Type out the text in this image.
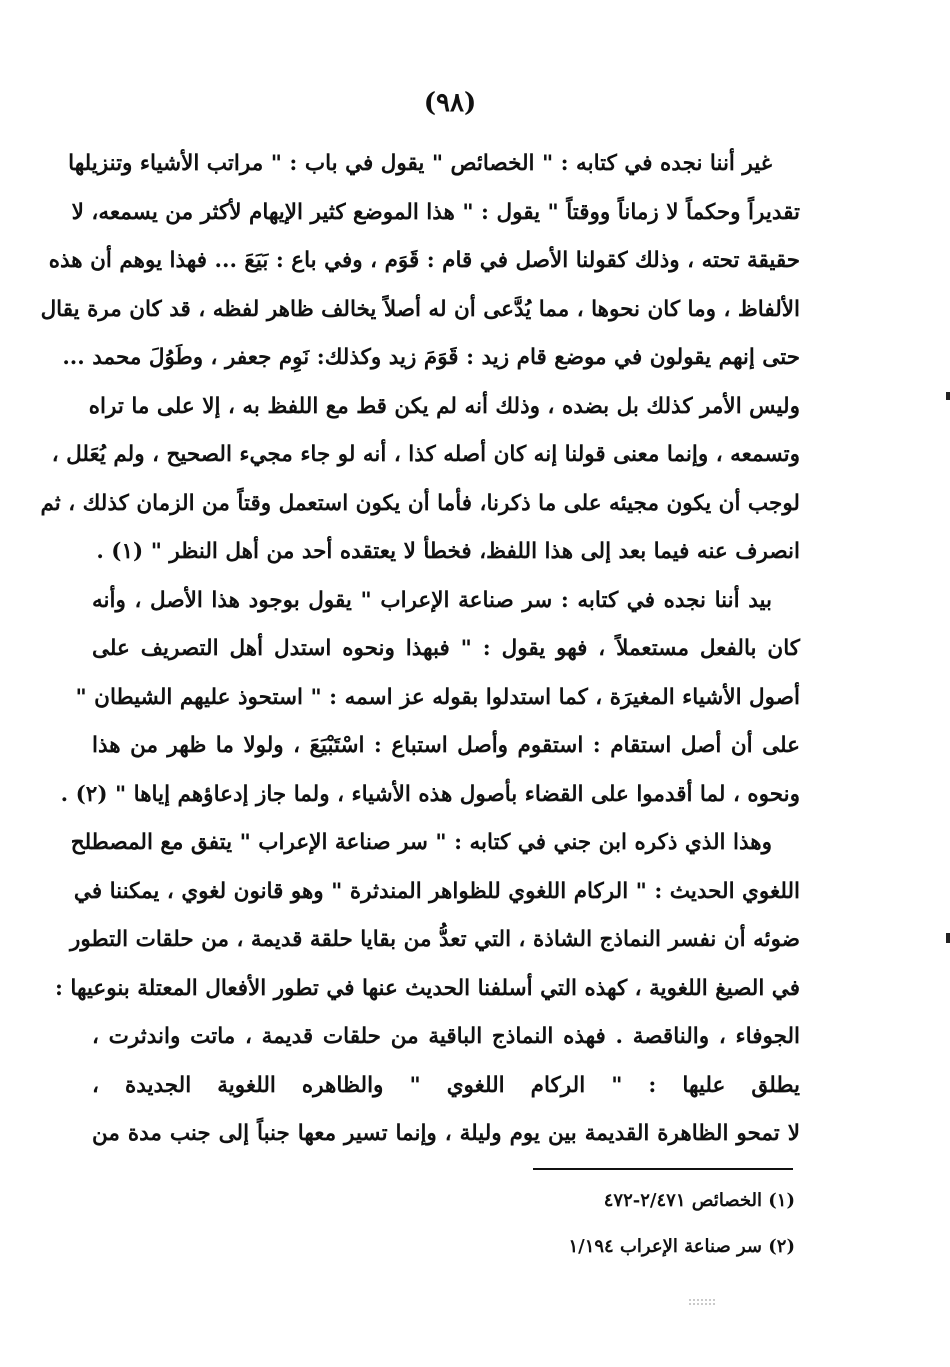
(٩٨)
غير أننا نجده في كتابه : " الخصائص " يقول في باب : " مراتب الأشياء وتنزيلها
تقديراً وحكماً لا زماناً ووقتاً " يقول : " هذا الموضع كثير الإيهام لأكثر من يسمعه، لا
حقيقة تحته ، وذلك كقولنا الأصل في قام : قَوَم ، وفي باع : بَيَعَ ... فهذا يوهم أن هذه
الألفاظ ، وما كان نحوها ، مما يُدَّعى أن له أصلاً يخالف ظاهر لفظه ، قد كان مرة يقال
حتى إنهم يقولون في موضع قام زيد : قَوَمَ زيد وكذلك: نَوِم جعفر ، وطَوُلَ محمد ...
وليس الأمر كذلك بل بضده ، وذلك أنه لم يكن قط مع اللفظ به ، إلا على ما تراه
وتسمعه ، وإنما معنى قولنا إنه كان أصله كذا ، أنه لو جاء مجيء الصحيح ، ولم يُعَلل ،
لوجب أن يكون مجيئه على ما ذكرنا، فأما أن يكون استعمل وقتاً من الزمان كذلك ، ثم
انصرف عنه فيما بعد إلى هذا اللفظ، فخطأ لا يعتقده أحد من أهل النظر " (١) .
بيد أننا نجده في كتابه : سر صناعة الإعراب " يقول بوجود هذا الأصل ، وأنه
كان بالفعل مستعملاً ، فهو يقول : " فبهذا ونحوه استدل أهل التصريف على
أصول الأشياء المغيرَة ، كما استدلوا بقوله عز اسمه : " استحوذ عليهم الشيطان "
على أن أصل استقام : استقوم وأصل استباع : اسْتَبْيَعَ ، ولولا ما ظهر من هذا
ونحوه ، لما أقدموا على القضاء بأصول هذه الأشياء ، ولما جاز إدعاؤهم إياها " (٢) .
وهذا الذي ذكره ابن جني في كتابه : " سر صناعة الإعراب " يتفق مع المصطلح
اللغوي الحديث : " الركام اللغوي للظواهر المندثرة " وهو قانون لغوي ، يمكننا في
ضوئه أن نفسر النماذج الشاذة ، التي تعدُّ من بقايا حلقة قديمة ، من حلقات التطور
في الصيغ اللغوية ، كهذه التي أسلفنا الحديث عنها في تطور الأفعال المعتلة بنوعيها :
الجوفاء ، والناقصة . فهذه النماذج الباقية من حلقات قديمة ، ماتت واندثرت ،
يطلق عليها : " الركام اللغوي " والظاهره اللغوية الجديدة ،
لا تمحو الظاهرة القديمة بين يوم وليلة ، وإنما تسير معها جنباً إلى جنب مدة من
(١) الخصائص ٢/٤٧١-٤٧٢
(٢) سر صناعة الإعراب ١/١٩٤
